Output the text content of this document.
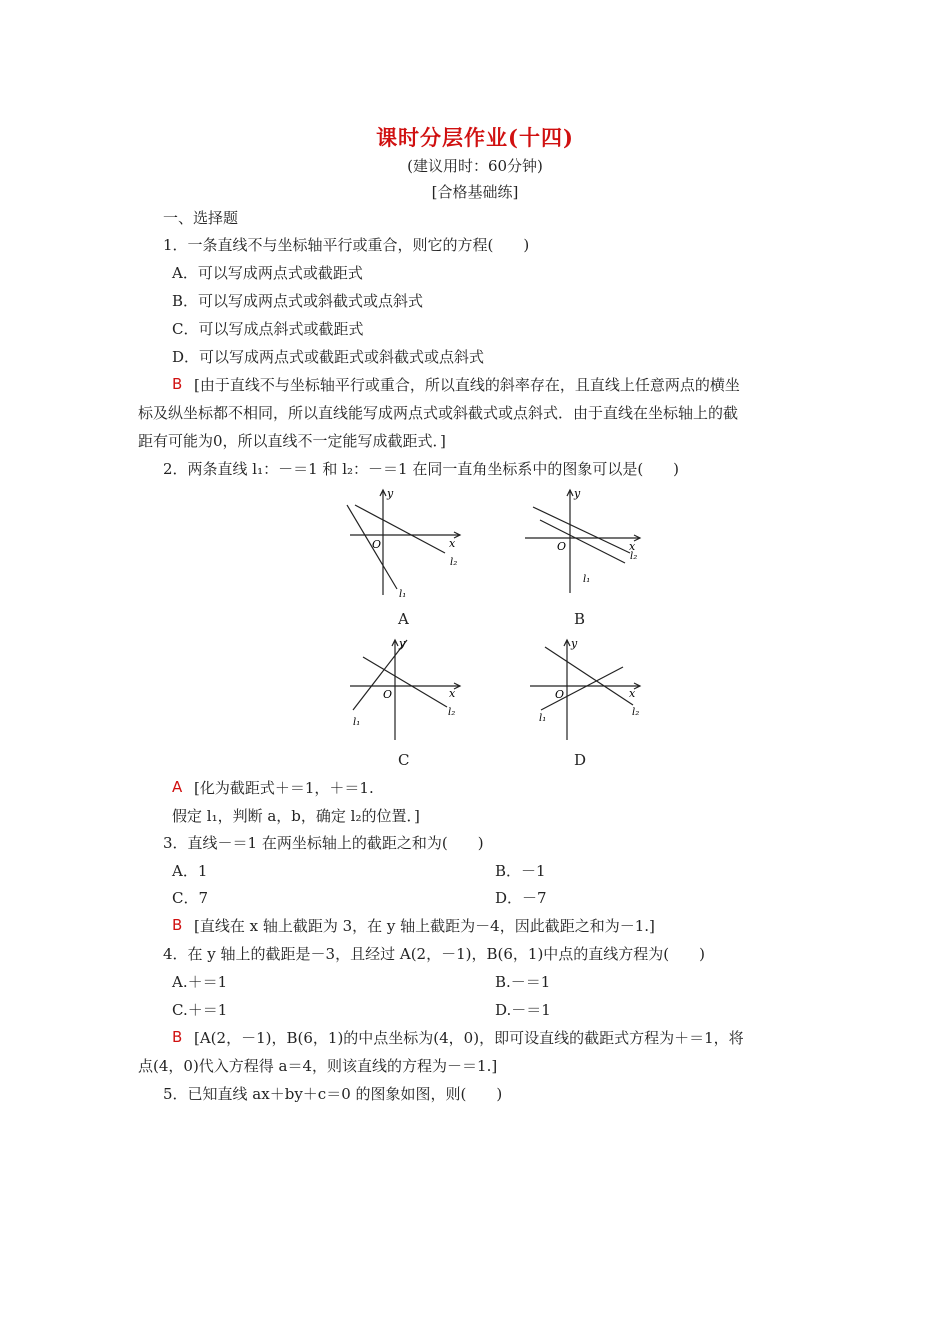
课时分层作业(十四)
(建议用时：60分钟)
[合格基础练]
一、选择题
1．一条直线不与坐标轴平行或重合，则它的方程(　　)
A．可以写成两点式或截距式
B．可以写成两点式或斜截式或点斜式
C．可以写成点斜式或截距式
D．可以写成两点式或截距式或斜截式或点斜式
B [由于直线不与坐标轴平行或重合，所以直线的斜率存在，且直线上任意两点的横坐
标及纵坐标都不相同，所以直线能写成两点式或斜截式或点斜式．由于直线在坐标轴上的截
距有可能为0，所以直线不一定能写成截距式．]
2．两条直线 l₁：－＝1 和 l₂：－＝1 在同一直角坐标系中的图象可以是(　　)
y
x
O
l₂
l₁
A
y
x
O
l₂
l₁
B
y
x
O
l₂
l₁
C
y
x
O
l₂
l₁
D
A [化为截距式＋＝1，＋＝1.
假定 l₁，判断 a，b，确定 l₂的位置．]
3．直线－＝1 在两坐标轴上的截距之和为(　　)
A．1	B．－1
C．7	D．－7
B [直线在 x 轴上截距为 3，在 y 轴上截距为－4，因此截距之和为－1.]
4．在 y 轴上的截距是－3，且经过 A(2，－1)，B(6，1)中点的直线方程为(　　)
A.＋＝1	B.－＝1
C.＋＝1	D.－＝1
B [A(2，－1)，B(6，1)的中点坐标为(4，0)，即可设直线的截距式方程为＋＝1，将
点(4，0)代入方程得 a＝4，则该直线的方程为－＝1.]
5．已知直线 ax＋by＋c＝0 的图象如图，则(　　)
